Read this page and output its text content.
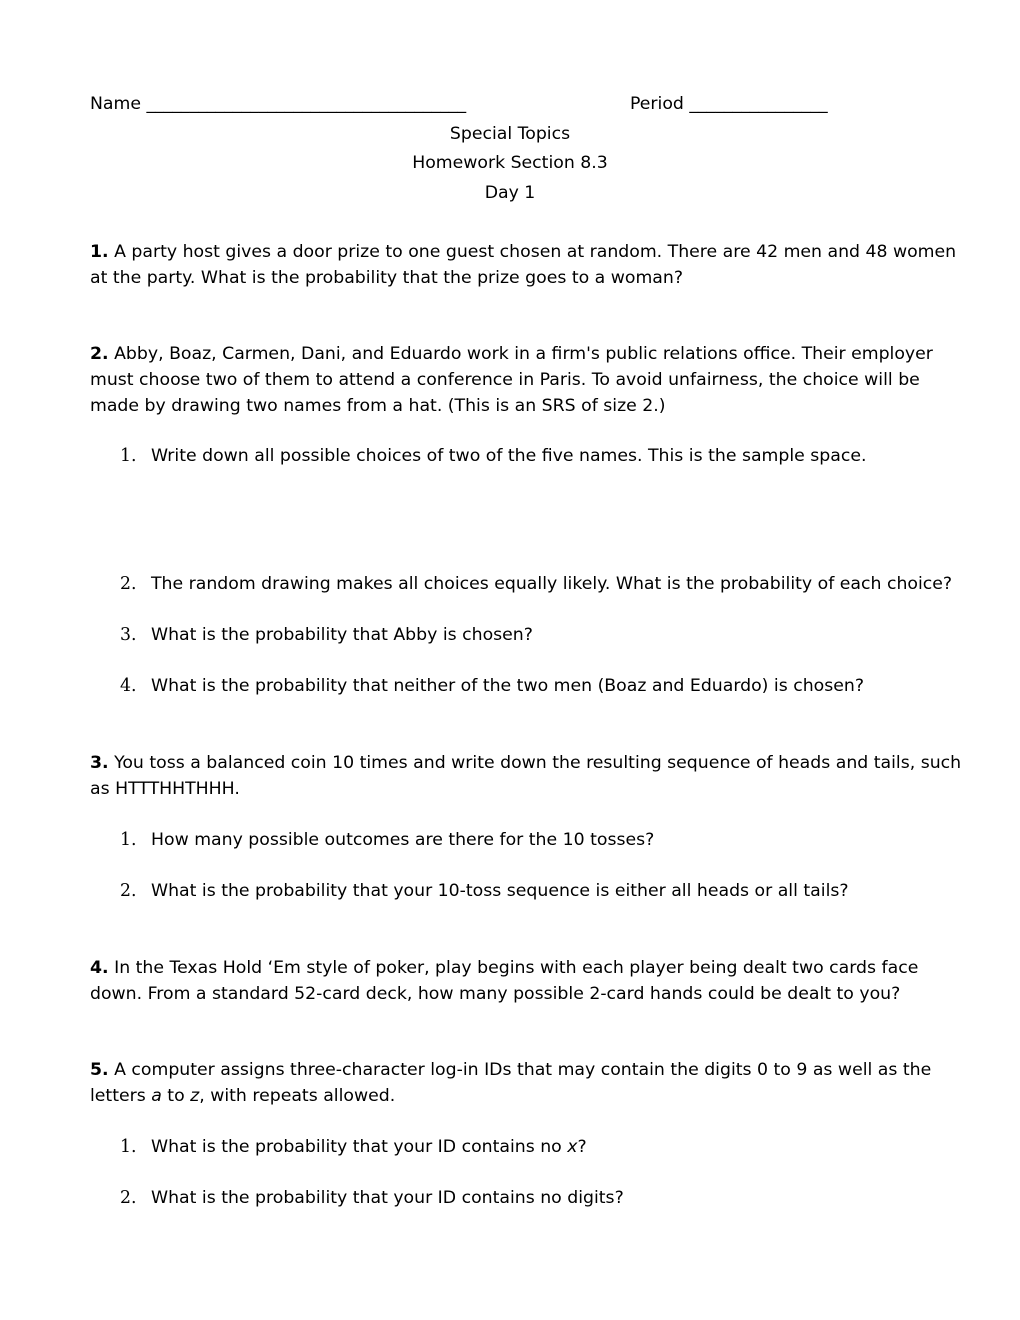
Name _____________________________________	Period ________________
Special Topics
Homework Section 8.3
Day 1
1. A party host gives a door prize to one guest chosen at random. There are 42 men and 48 women
at the party. What is the probability that the prize goes to a woman?
2. Abby, Boaz, Carmen, Dani, and Eduardo work in a firm's public relations office. Their employer
must choose two of them to attend a conference in Paris. To avoid unfairness, the choice will be
made by drawing two names from a hat. (This is an SRS of size 2.)
1. Write down all possible choices of two of the five names. This is the sample space.
2. The random drawing makes all choices equally likely. What is the probability of each choice?
3. What is the probability that Abby is chosen?
4. What is the probability that neither of the two men (Boaz and Eduardo) is chosen?
3. You toss a balanced coin 10 times and write down the resulting sequence of heads and tails, such
as HTTTHHTHHH.
1. How many possible outcomes are there for the 10 tosses?
2. What is the probability that your 10-toss sequence is either all heads or all tails?
4. In the Texas Hold ‘Em style of poker, play begins with each player being dealt two cards face
down. From a standard 52-card deck, how many possible 2-card hands could be dealt to you?
5. A computer assigns three-character log-in IDs that may contain the digits 0 to 9 as well as the
letters a to z, with repeats allowed.
1. What is the probability that your ID contains no x?
2. What is the probability that your ID contains no digits?
